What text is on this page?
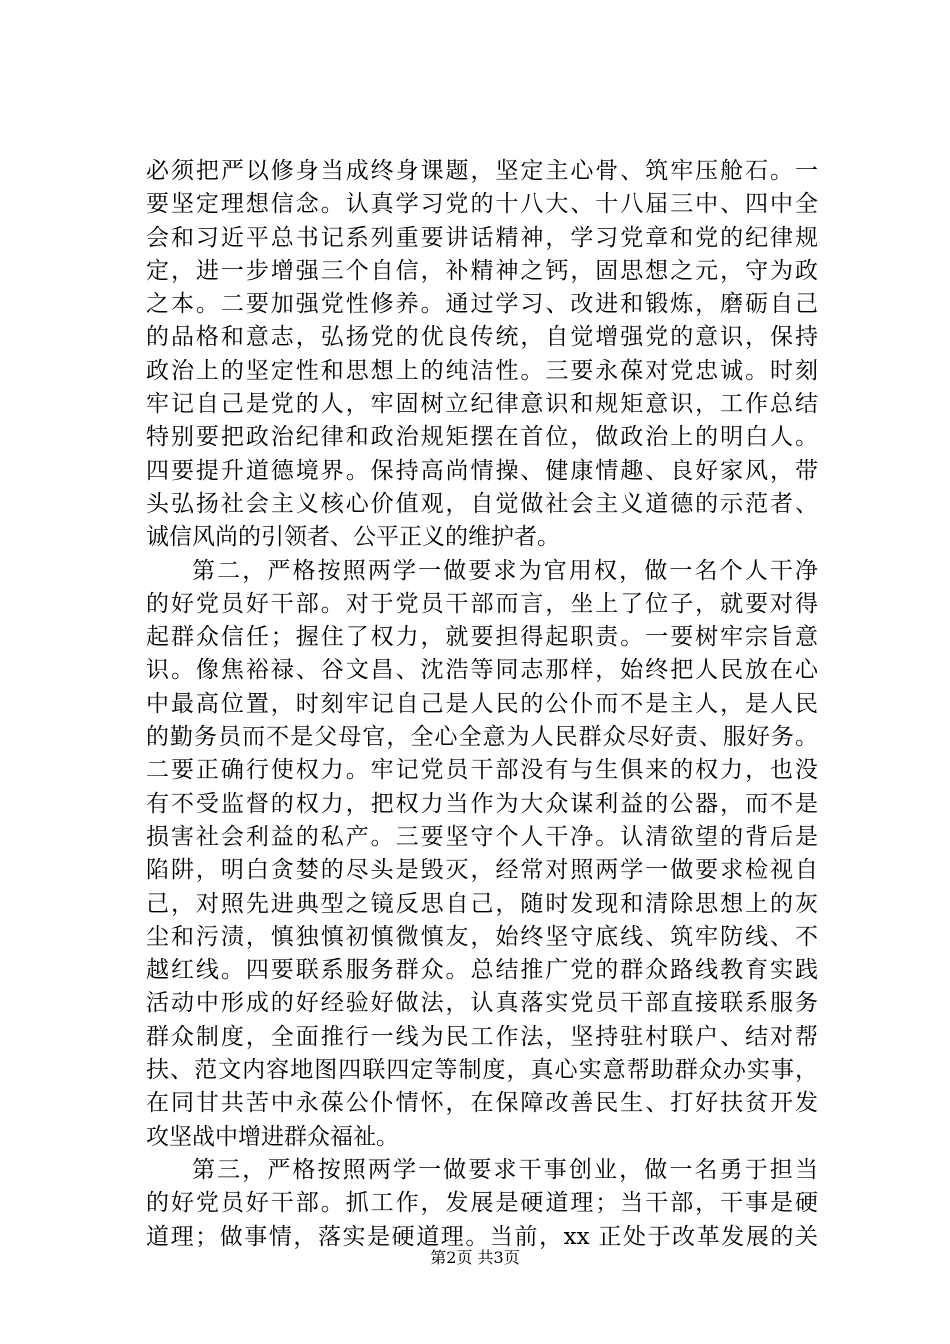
必须把严以修身当成终身课题，坚定主心骨、筑牢压舱石。一
要坚定理想信念。认真学习党的十八大、十八届三中、四中全
会和习近平总书记系列重要讲话精神，学习党章和党的纪律规
定，进一步增强三个自信，补精神之钙，固思想之元，守为政
之本。二要加强党性修养。通过学习、改进和锻炼，磨砺自己
的品格和意志，弘扬党的优良传统，自觉增强党的意识，保持
政治上的坚定性和思想上的纯洁性。三要永葆对党忠诚。时刻
牢记自己是党的人，牢固树立纪律意识和规矩意识，工作总结
特别要把政治纪律和政治规矩摆在首位，做政治上的明白人。
四要提升道德境界。保持高尚情操、健康情趣、良好家风，带
头弘扬社会主义核心价值观，自觉做社会主义道德的示范者、
诚信风尚的引领者、公平正义的维护者。
第二，严格按照两学一做要求为官用权，做一名个人干净
的好党员好干部。对于党员干部而言，坐上了位子，就要对得
起群众信任；握住了权力，就要担得起职责。一要树牢宗旨意
识。像焦裕禄、谷文昌、沈浩等同志那样，始终把人民放在心
中最高位置，时刻牢记自己是人民的公仆而不是主人，是人民
的勤务员而不是父母官，全心全意为人民群众尽好责、服好务。
二要正确行使权力。牢记党员干部没有与生俱来的权力，也没
有不受监督的权力，把权力当作为大众谋利益的公器，而不是
损害社会利益的私产。三要坚守个人干净。认清欲望的背后是
陷阱，明白贪婪的尽头是毁灭，经常对照两学一做要求检视自
己，对照先进典型之镜反思自己，随时发现和清除思想上的灰
尘和污渍，慎独慎初慎微慎友，始终坚守底线、筑牢防线、不
越红线。四要联系服务群众。总结推广党的群众路线教育实践
活动中形成的好经验好做法，认真落实党员干部直接联系服务
群众制度，全面推行一线为民工作法，坚持驻村联户、结对帮
扶、范文内容地图四联四定等制度，真心实意帮助群众办实事，
在同甘共苦中永葆公仆情怀，在保障改善民生、打好扶贫开发
攻坚战中增进群众福祉。
第三，严格按照两学一做要求干事创业，做一名勇于担当
的好党员好干部。抓工作，发展是硬道理；当干部，干事是硬
道理；做事情，落实是硬道理。当前，xx 正处于改革发展的关
第2页 共3页
